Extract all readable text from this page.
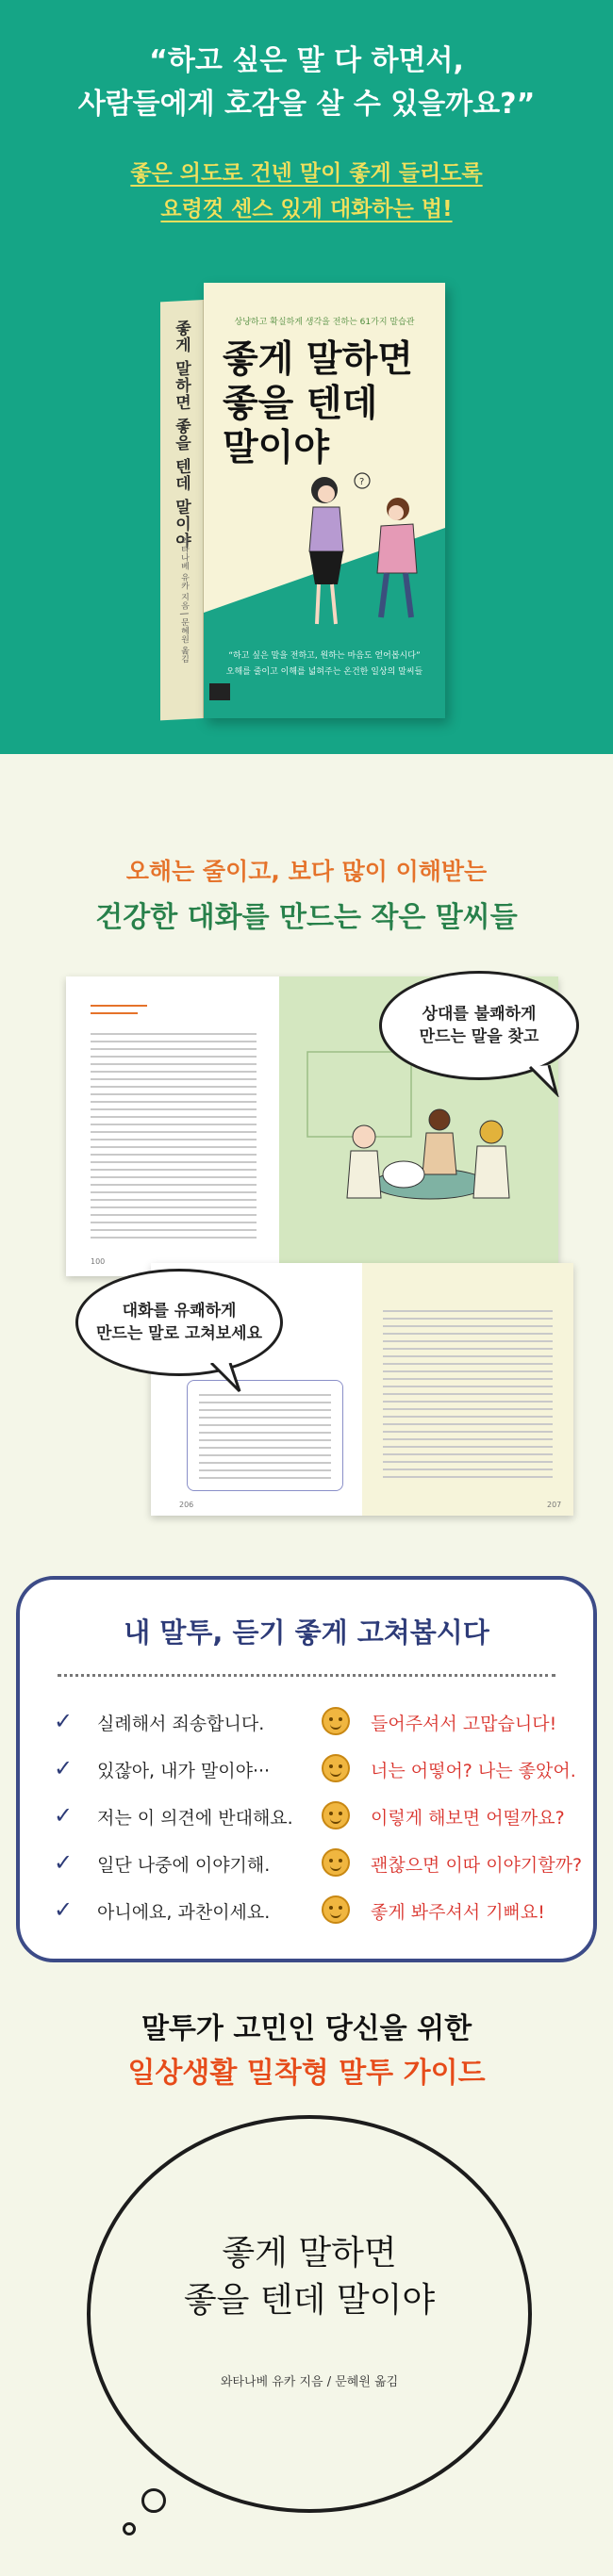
“하고 싶은 말 다 하면서,
사람들에게 호감을 살 수 있을까요?”
좋은 의도로 건넨 말이 좋게 들리도록
요령껏 센스 있게 대화하는 법!
좋게 말하면 좋을 텐데 말이야
와타나베 유카 지음 | 문혜원 옮김
상냥하고 확실하게 생각을 전하는 61가지 말습관
좋게 말하면
좋을 텐데
말이야
?
“하고 싶은 말을 전하고, 원하는 마음도 얻어봅시다”
오해를 줄이고 이해를 넓혀주는 온건한 일상의 말씨들
오해는 줄이고, 보다 많이 이해받는
건강한 대화를 만드는 작은 말씨들
100
206	207
상대를 불쾌하게
만드는 말을 찾고
대화를 유쾌하게
만드는 말로 고쳐보세요
내 말투, 듣기 좋게 고쳐봅시다
✓ 실례해서 죄송합니다.	들어주셔서 고맙습니다!
✓ 있잖아, 내가 말이야···	너는 어떻어? 나는 좋았어.
✓ 저는 이 의견에 반대해요.	이렇게 해보면 어떨까요?
✓ 일단 나중에 이야기해.	괜찮으면 이따 이야기할까?
✓ 아니에요, 과찬이세요.	좋게 봐주셔서 기뻐요!
말투가 고민인 당신을 위한
일상생활 밀착형 말투 가이드
좋게 말하면
좋을 텐데 말이야
와타나베 유카 지음 / 문혜원 옮김
